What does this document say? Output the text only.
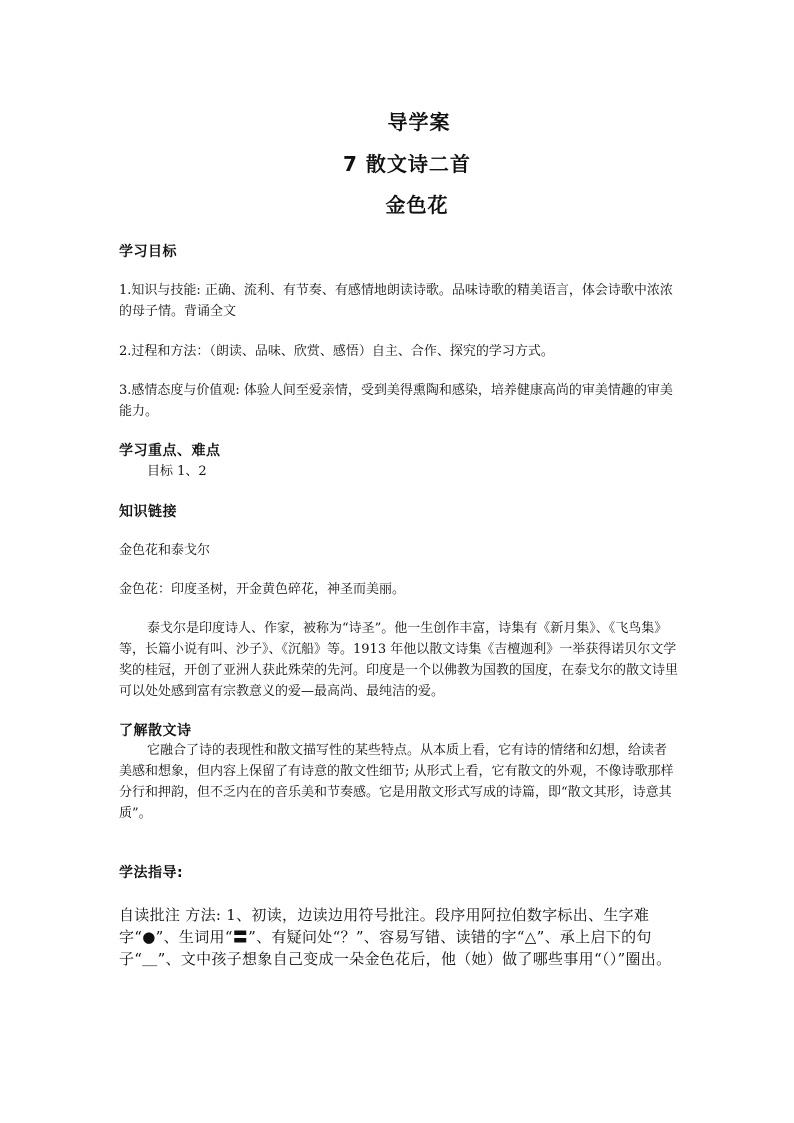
导学案
7 散文诗二首
金色花
学习目标
1.知识与技能: 正确、流利、有节奏、有感情地朗读诗歌。品味诗歌的精美语言，体会诗歌中浓浓的母子情。背诵全文
2.过程和方法：（朗读、品味、欣赏、感悟）自主、合作、探究的学习方式。
3.感情态度与价值观: 体验人间至爱亲情，受到美得熏陶和感染，培养健康高尚的审美情趣的审美能力。
学习重点、难点
目标 1、2
知识链接
金色花和泰戈尔
金色花：印度圣树，开金黄色碎花，神圣而美丽。
泰戈尔是印度诗人、作家，被称为“诗圣”。他一生创作丰富，诗集有《新月集》、《飞鸟集》等，长篇小说有叫、沙子》、《沉船》等。1913 年他以散文诗集《吉檀迦利》一举获得诺贝尔文学奖的桂冠，开创了亚洲人获此殊荣的先河。印度是一个以佛教为国教的国度，在泰戈尔的散文诗里可以处处感到富有宗教意义的爱—最高尚、最纯洁的爱。
了解散文诗
它融合了诗的表现性和散文描写性的某些特点。从本质上看，它有诗的情绪和幻想，给读者美感和想象，但内容上保留了有诗意的散文性细节; 从形式上看，它有散文的外观，不像诗歌那样分行和押韵，但不乏内在的音乐美和节奏感。它是用散文形式写成的诗篇，即“散文其形，诗意其质”。
学法指导:
自读批注 方法: 1、初读，边读边用符号批注。段序用阿拉伯数字标出、生字难字“●”、生词用“〓”、有疑问处“？”、容易写错、读错的字“△”、承上启下的句子“＿”、文中孩子想象自己变成一朵金色花后，他（她）做了哪些事用“（）”圈出。
